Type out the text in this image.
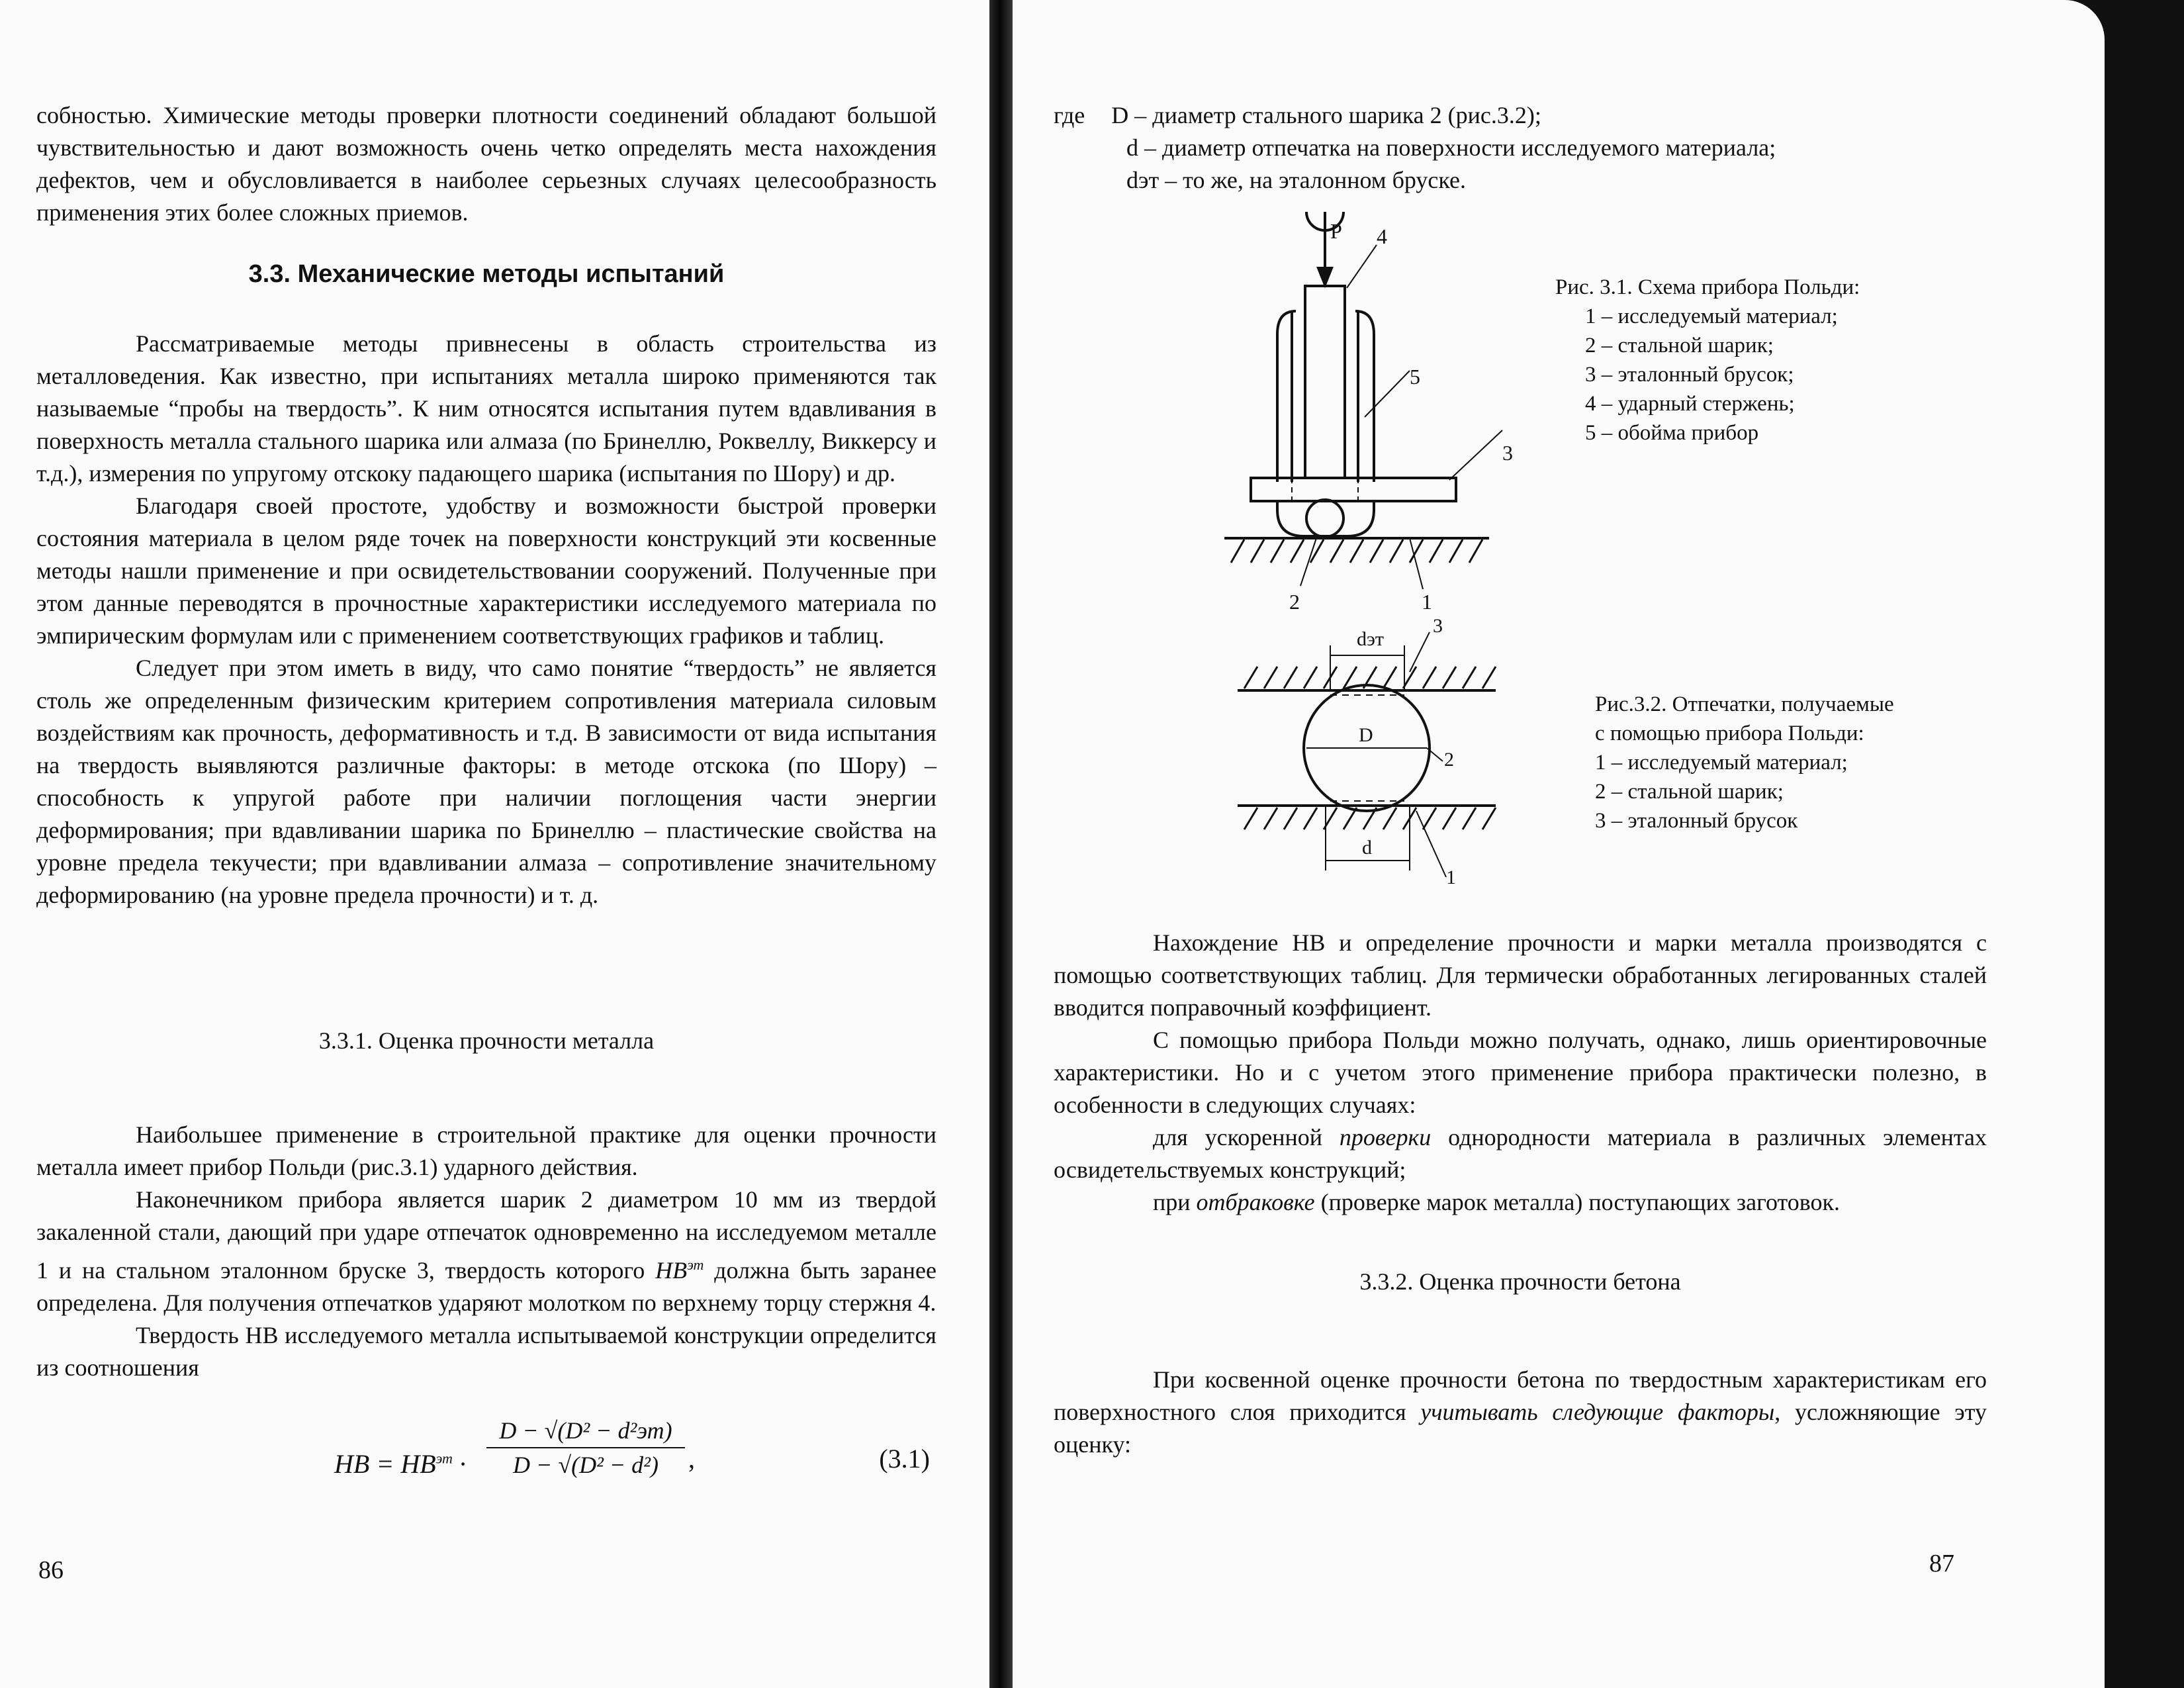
собностью. Химические методы проверки плотности соединений обладают большой чувствительностью и дают возможность очень четко определять места нахождения дефектов, чем и обусловливается в наиболее серьезных случаях целесообразность применения этих более сложных приемов.

3.3. Механические методы испытаний

Рассматриваемые методы привнесены в область строительства из металловедения. Как известно, при испытаниях металла широко применяются так называемые “пробы на твердость”. К ним относятся испытания путем вдавливания в поверхность металла стального шарика или алмаза (по Бринеллю, Роквеллу, Виккерсу и т.д.), измерения по упругому отскоку падающего шарика (испытания по Шору) и др.

Благодаря своей простоте, удобству и возможности быстрой проверки состояния материала в целом ряде точек на поверхности конструкций эти косвенные методы нашли применение и при освидетельствовании сооружений. Полученные при этом данные переводятся в прочностные характеристики исследуемого материала по эмпирическим формулам или с применением соответствующих графиков и таблиц.

Следует при этом иметь в виду, что само понятие “твердость” не является столь же определенным физическим критерием сопротивления материала силовым воздействиям как прочность, деформативность и т.д. В зависимости от вида испытания на твердость выявляются различные факторы: в методе отскока (по Шору) – способность к упругой работе при наличии поглощения части энергии деформирования; при вдавливании шарика по Бринеллю – пластические свойства на уровне предела текучести; при вдавливании алмаза – сопротивление значительному деформированию (на уровне предела прочности) и т. д.

3.3.1. Оценка прочности металла

Наибольшее применение в строительной практике для оценки прочности металла имеет прибор Польди (рис.3.1) ударного действия.

Наконечником прибора является шарик 2 диаметром 10 мм из твердой закаленной стали, дающий при ударе отпечаток одновременно на исследуемом металле 1 и на стальном эталонном бруске 3, твердость которого $HB^{эт}$ должна быть заранее определена. Для получения отпечатков ударяют молотком по верхнему торцу стержня 4.

Твердость НВ исследуемого металла испытываемой конструкции определится из соотношения

HB = $HB^{эт}$ ·
D − √(D² − d²эт)
D − √(D² − d²)	,	(3.1)
86
где D – диаметр стального шарика 2 (рис.3.2);
d – диаметр отпечатка на поверхности исследуемого материала;
dэт – то же, на эталонном бруске.
P 4
5
3
2	1
Рис. 3.1. Схема прибора Польди:
1 – исследуемый материал;
2 – стальной шарик;
3 – эталонный брусок;
4 – ударный стержень;
5 – обойма прибор
dэт
3
D
2
d
1
Рис.3.2. Отпечатки, получаемые
с помощью прибора Польди:
1 – исследуемый материал;
2 – стальной шарик;
3 – эталонный брусок

Нахождение НВ и определение прочности и марки металла производятся с помощью соответствующих таблиц. Для термически обработанных легированных сталей вводится поправочный коэффициент.

С помощью прибора Польди можно получать, однако, лишь ориентировочные характеристики. Но и с учетом этого применение прибора практически полезно, в особенности в следующих случаях:

для ускоренной проверки однородности материала в различных элементах освидетельствуемых конструкций;

при отбраковке (проверке марок металла) поступающих заготовок.

3.3.2. Оценка прочности бетона

При косвенной оценке прочности бетона по твердостным характеристикам его поверхностного слоя приходится учитывать следующие факторы, усложняющие эту оценку:

87
